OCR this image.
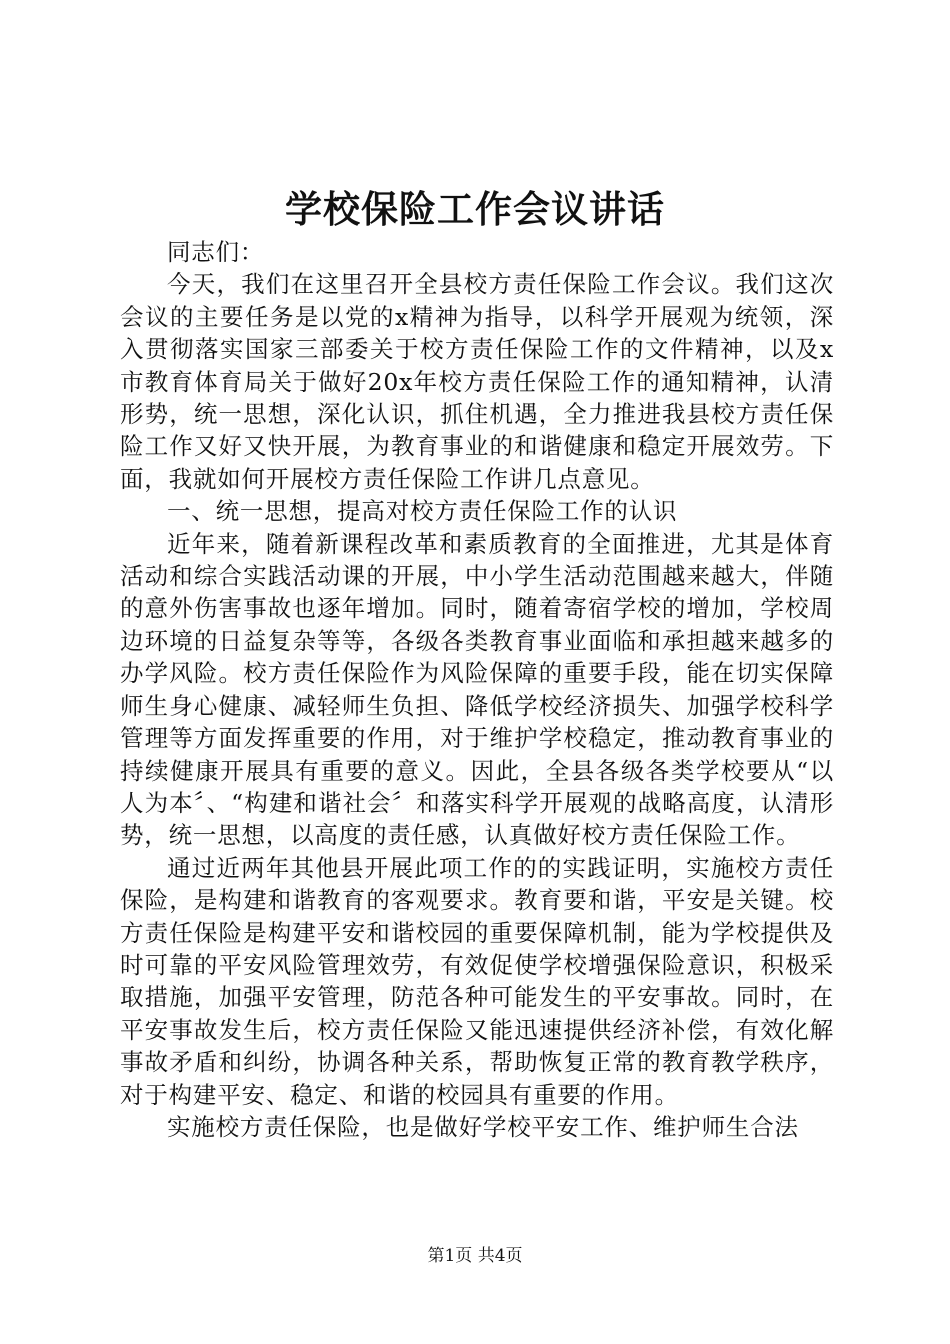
学校保险工作会议讲话

同志们：

今天，我们在这里召开全县校方责任保险工作会议。我们这次会议的主要任务是以党的x精神为指导，以科学开展观为统领，深入贯彻落实国家三部委关于校方责任保险工作的文件精神，以及x市教育体育局关于做好20x年校方责任保险工作的通知精神，认清形势，统一思想，深化认识，抓住机遇，全力推进我县校方责任保险工作又好又快开展，为教育事业的和谐健康和稳定开展效劳。下面，我就如何开展校方责任保险工作讲几点意见。

一、统一思想，提高对校方责任保险工作的认识

近年来，随着新课程改革和素质教育的全面推进，尤其是体育活动和综合实践活动课的开展，中小学生活动范围越来越大，伴随的意外伤害事故也逐年增加。同时，随着寄宿学校的增加，学校周边环境的日益复杂等等，各级各类教育事业面临和承担越来越多的办学风险。校方责任保险作为风险保障的重要手段，能在切实保障师生身心健康、减轻师生负担、降低学校经济损失、加强学校科学管理等方面发挥重要的作用，对于维护学校稳定，推动教育事业的持续健康开展具有重要的意义。因此，全县各级各类学校要从“以人为本〞、“构建和谐社会〞和落实科学开展观的战略高度，认清形势，统一思想，以高度的责任感，认真做好校方责任保险工作。

通过近两年其他县开展此项工作的的实践证明，实施校方责任保险，是构建和谐教育的客观要求。教育要和谐，平安是关键。校方责任保险是构建平安和谐校园的重要保障机制，能为学校提供及时可靠的平安风险管理效劳，有效促使学校增强保险意识，积极采取措施，加强平安管理，防范各种可能发生的平安事故。同时，在平安事故发生后，校方责任保险又能迅速提供经济补偿，有效化解事故矛盾和纠纷，协调各种关系，帮助恢复正常的教育教学秩序，对于构建平安、稳定、和谐的校园具有重要的作用。

实施校方责任保险，也是做好学校平安工作、维护师生合法

第1页 共4页
